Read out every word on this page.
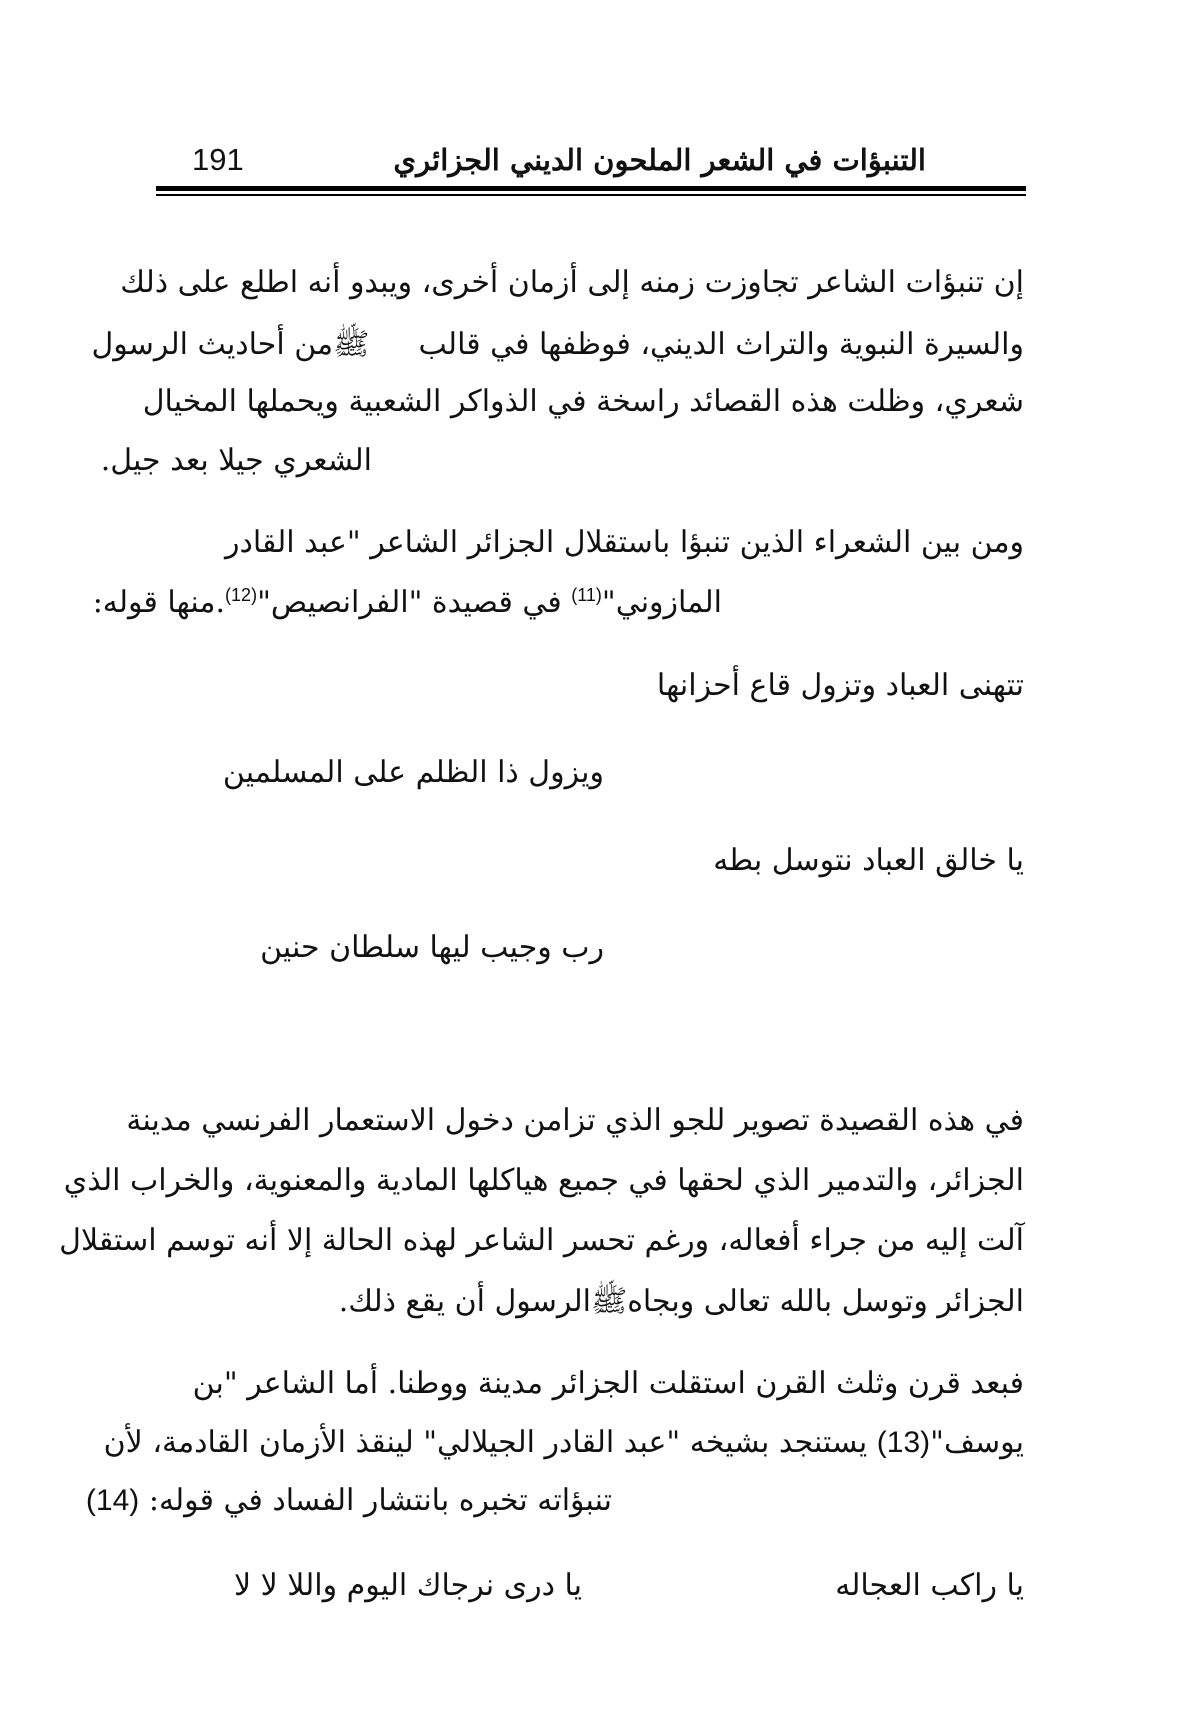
التنبؤات في الشعر الملحون الديني الجزائري
191
إن تنبؤات الشاعر تجاوزت زمنه إلى أزمان أخرى، ويبدو أنه اطلع على ذلك
والسيرة النبوية والتراث الديني، فوظفها في قالب  ﷺمن أحاديث الرسول
شعري، وظلت هذه القصائد راسخة في الذواكر الشعبية ويحملها المخيال
الشعري جيلا بعد جيل.
ومن بين الشعراء الذين تنبؤا باستقلال الجزائر الشاعر "عبد القادر
المازوني"$^{(11)}$ في قصيدة "الفرانصيص"$^{(12)}$.منها قوله:
تتهنى العباد وتزول قاع أحزانها
ويزول ذا الظلم على المسلمين
يا خالق العباد نتوسل بطه
رب وجيب ليها سلطان حنين
في هذه القصيدة تصوير للجو الذي تزامن دخول الاستعمار الفرنسي مدينة
الجزائر، والتدمير الذي لحقها في جميع هياكلها المادية والمعنوية، والخراب الذي
آلت إليه من جراء أفعاله، ورغم تحسر الشاعر لهذه الحالة إلا أنه توسم استقلال
الجزائر وتوسل بالله تعالى وبجاهﷺالرسول أن يقع ذلك.
فبعد قرن وثلث القرن استقلت الجزائر مدينة ووطنا. أما الشاعر "بن
يوسف"(13) يستنجد بشيخه "عبد القادر الجيلالي" لينقذ الأزمان القادمة، لأن
تنبؤاته تخبره بانتشار الفساد في قوله: (14)
يا راكب العجاله
يا درى نرجاك اليوم واللا لا لا
